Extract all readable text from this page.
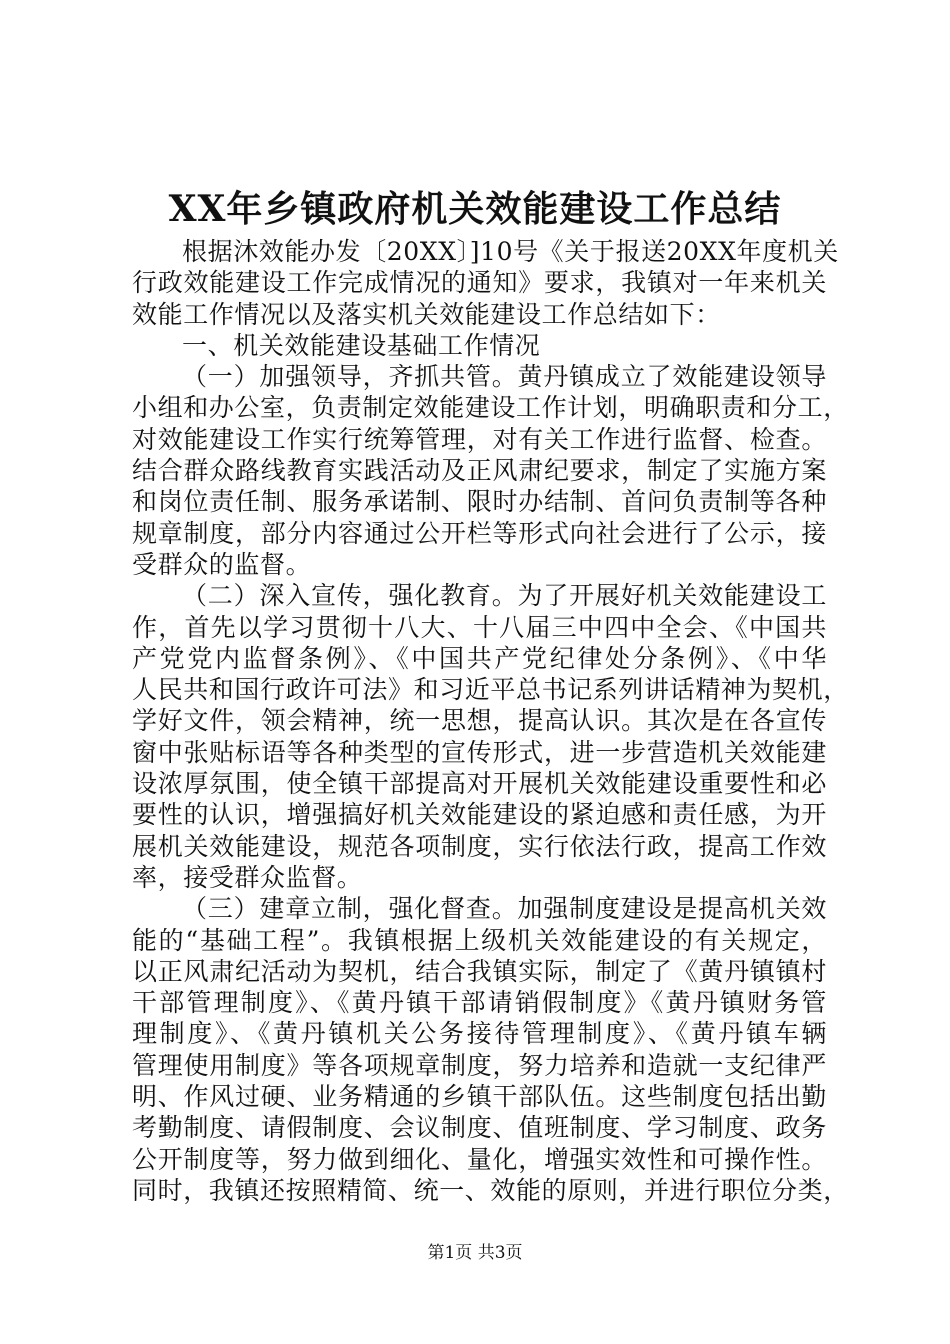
XX年乡镇政府机关效能建设工作总结
根据沐效能办发〔20XX〕]10号《关于报送20XX年度机关
行政效能建设工作完成情况的通知》要求，我镇对一年来机关
效能工作情况以及落实机关效能建设工作总结如下：
一、机关效能建设基础工作情况
（一）加强领导，齐抓共管。黄丹镇成立了效能建设领导
小组和办公室，负责制定效能建设工作计划，明确职责和分工，
对效能建设工作实行统筹管理，对有关工作进行监督、检查。
结合群众路线教育实践活动及正风肃纪要求，制定了实施方案
和岗位责任制、服务承诺制、限时办结制、首问负责制等各种
规章制度，部分内容通过公开栏等形式向社会进行了公示，接
受群众的监督。
（二）深入宣传，强化教育。为了开展好机关效能建设工
作，首先以学习贯彻十八大、十八届三中四中全会、《中国共
产党党内监督条例》、《中国共产党纪律处分条例》、《中华
人民共和国行政许可法》和习近平总书记系列讲话精神为契机，
学好文件，领会精神，统一思想，提高认识。其次是在各宣传
窗中张贴标语等各种类型的宣传形式，进一步营造机关效能建
设浓厚氛围，使全镇干部提高对开展机关效能建设重要性和必
要性的认识，增强搞好机关效能建设的紧迫感和责任感，为开
展机关效能建设，规范各项制度，实行依法行政，提高工作效
率，接受群众监督。
（三）建章立制，强化督查。加强制度建设是提高机关效
能的“基础工程”。我镇根据上级机关效能建设的有关规定，
以正风肃纪活动为契机，结合我镇实际，制定了《黄丹镇镇村
干部管理制度》、《黄丹镇干部请销假制度》《黄丹镇财务管
理制度》、《黄丹镇机关公务接待管理制度》、《黄丹镇车辆
管理使用制度》等各项规章制度，努力培养和造就一支纪律严
明、作风过硬、业务精通的乡镇干部队伍。这些制度包括出勤
考勤制度、请假制度、会议制度、值班制度、学习制度、政务
公开制度等，努力做到细化、量化，增强实效性和可操作性。
同时，我镇还按照精简、统一、效能的原则，并进行职位分类，
第1页 共3页
